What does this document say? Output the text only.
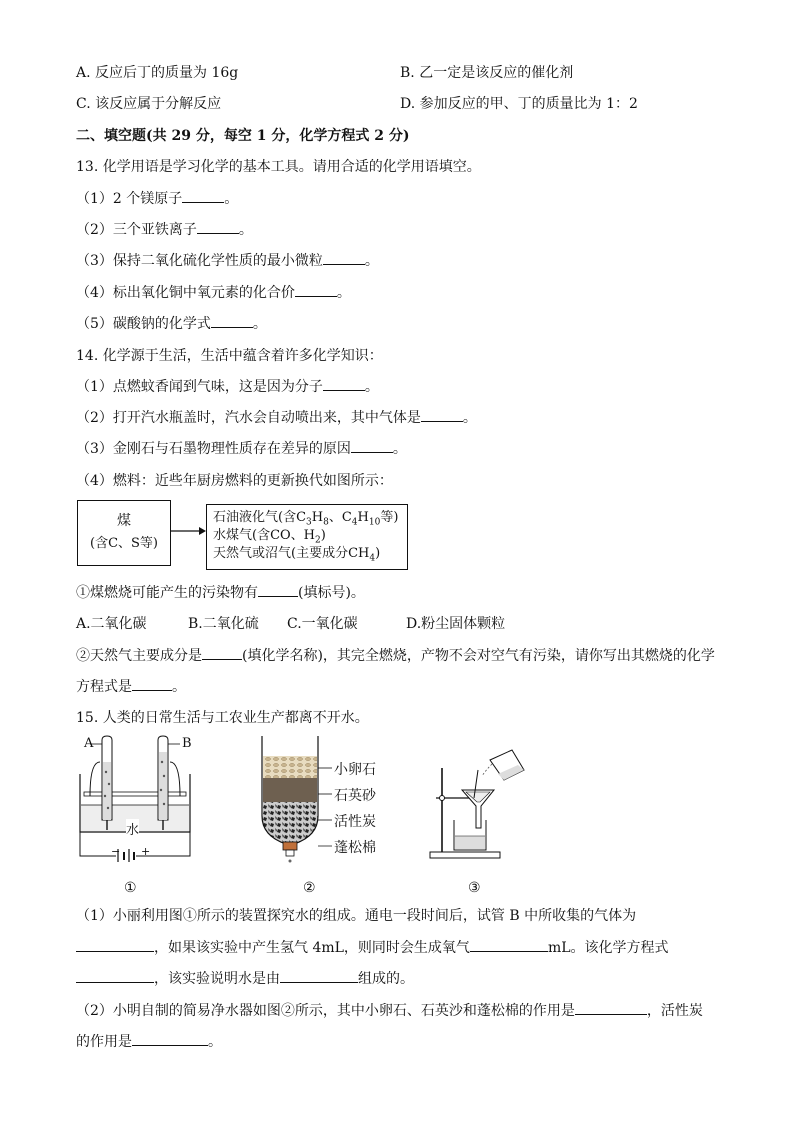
A. 反应后丁的质量为 16g	B. 乙一定是该反应的催化剂
C. 该反应属于分解反应	D. 参加反应的甲、丁的质量比为 1：2
二、填空题(共 29 分，每空 1 分，化学方程式 2 分)
13. 化学用语是学习化学的基本工具。请用合适的化学用语填空。
（1）2 个镁原子	。
（2）三个亚铁离子	。
（3）保持二氧化硫化学性质的最小微粒	。
（4）标出氧化铜中氧元素的化合价	。
（5）碳酸钠的化学式	。
14. 化学源于生活，生活中蕴含着许多化学知识：
（1）点燃蚊香闻到气味，这是因为分子	。
（2）打开汽水瓶盖时，汽水会自动喷出来，其中气体是	。
（3）金刚石与石墨物理性质存在差异的原因	。
（4）燃料：近些年厨房燃料的更新换代如图所示：
煤
(含C、S等)
石油液化气(含$C_3H_8$、$C_4H_{10}$等)
水煤气(含CO、$H_2$)
天然气或沼气(主要成分$CH_4$)
①煤燃烧可能产生的污染物有	(填标号)。
A.二氧化碳	B.二氧化硫 C.一氧化碳	D.粉尘固体颗粒
②天然气主要成分是	(填化学名称)，其完全燃烧，产物不会对空气有污染，请你写出其燃烧的化学
方程式是	。
15. 人类的日常生活与工农业生产都离不开水。
A	B
水
− +
①
小卵石
石英砂
活性炭
蓬松棉
②	③
（1）小丽利用图①所示的装置探究水的组成。通电一段时间后，试管 B 中所收集的气体为
，如果该实验中产生氢气 4mL，则同时会生成氧气	mL。该化学方程式
，该实验说明水是由	组成的。
（2）小明自制的简易净水器如图②所示，其中小卵石、石英沙和蓬松棉的作用是	，活性炭
的作用是	。
